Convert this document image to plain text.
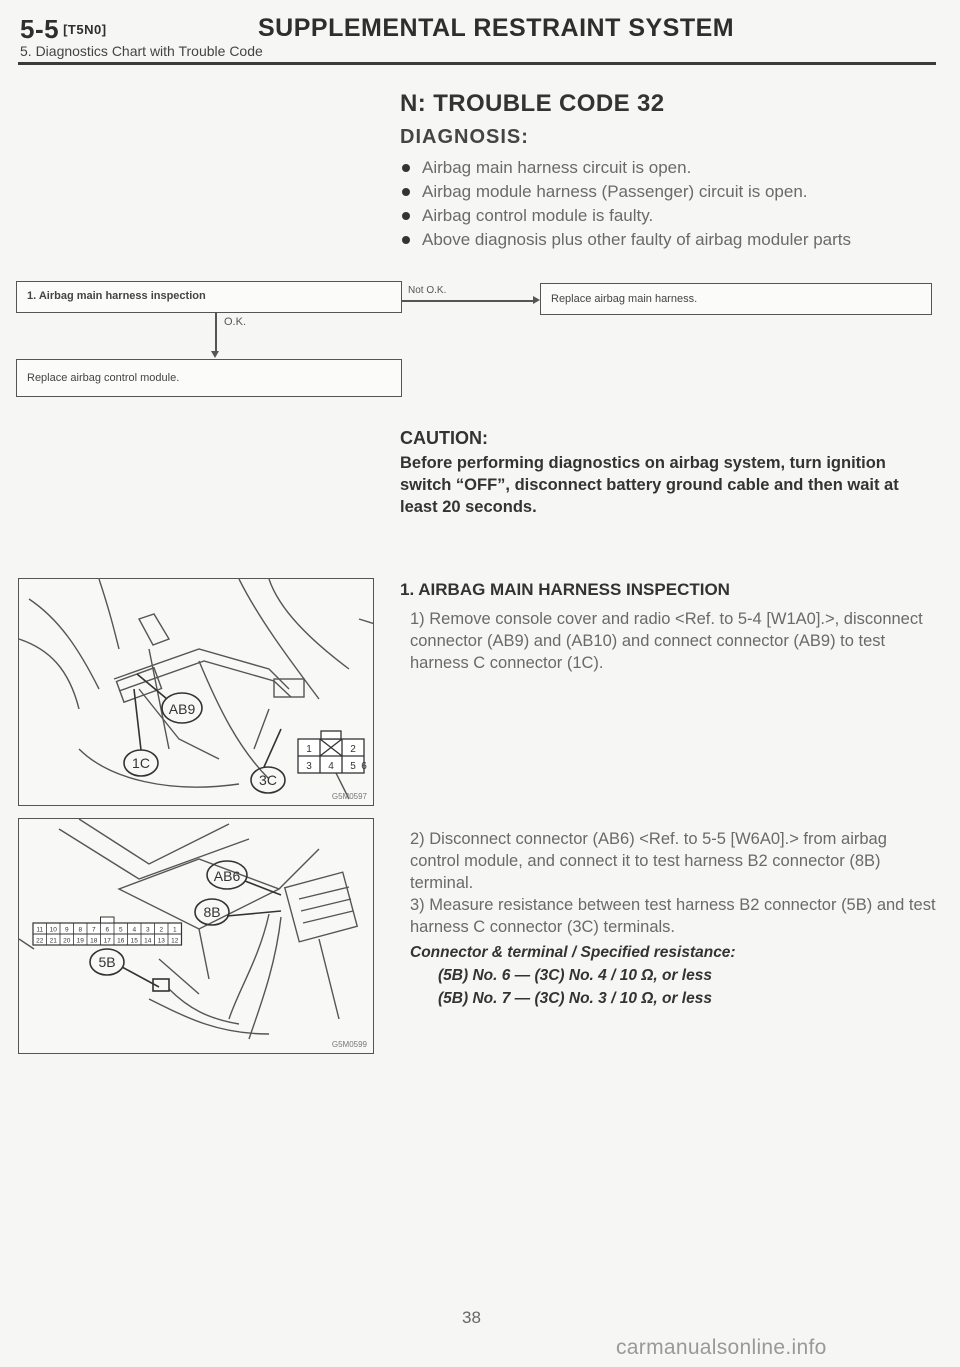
5-5 [T5N0]	SUPPLEMENTAL RESTRAINT SYSTEM
5. Diagnostics Chart with Trouble Code
N: TROUBLE CODE 32
DIAGNOSIS:
Airbag main harness circuit is open.
Airbag module harness (Passenger) circuit is open.
Airbag control module is faulty.
Above diagnosis plus other faulty of airbag moduler parts
1. Airbag main harness inspection	Not O.K.
Replace airbag main harness.
O.K.
Replace airbag control module.
CAUTION:
Before performing diagnostics on airbag system, turn ignition switch “OFF”, disconnect battery ground cable and then wait at least 20 seconds.
1. AIRBAG MAIN HARNESS INSPECTION
1) Remove console cover and radio <Ref. to 5-4 [W1A0].>, disconnect connector (AB9) and (AB10) and connect connector (AB9) to test harness C connector (1C).
2) Disconnect connector (AB6) <Ref. to 5-5 [W6A0].> from airbag control module, and connect it to test harness B2 connector (8B) terminal.
3) Measure resistance between test harness B2 connector (5B) and test harness C connector (3C) terminals.
Connector & terminal / Specified resistance:
(5B) No. 6 — (3C) No. 4 / 10 Ω, or less
(5B) No. 7 — (3C) No. 3 / 10 Ω, or less
AB9
1C
3C
1	2
3 4 5 6
G5M0597
AB6
8B
5B
11 10 9 8 7 6 5 4 3 2 1
22 21 20 19 18 17 16 15 14 13 12
G5M0599
38
carmanualsonline.info
